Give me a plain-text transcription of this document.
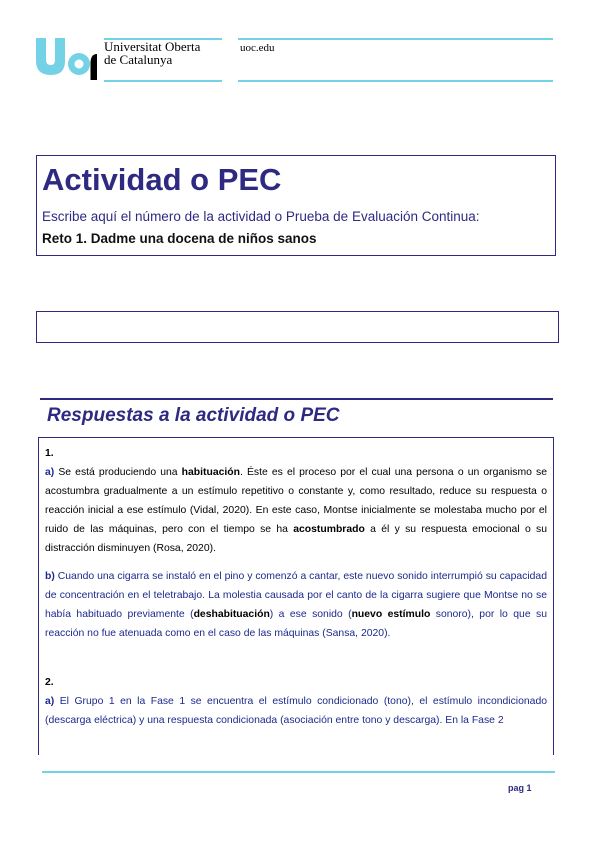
Universitat Oberta
de Catalunya
uoc.edu
Actividad o PEC
Escribe aquí el número de la actividad o Prueba de Evaluación Continua:
Reto 1. Dadme una docena de niños sanos
Respuestas a la actividad o PEC

1.

a) Se está produciendo una habituación. Éste es el proceso por el cual una persona o un organismo se acostumbra gradualmente a un estímulo repetitivo o constante y, como resultado, reduce su respuesta o reacción inicial a ese estímulo (Vidal, 2020). En este caso, Montse inicialmente se molestaba mucho por el ruido de las máquinas, pero con el tiempo se ha acostumbrado a él y su respuesta emocional o su distracción disminuyen (Rosa, 2020).

b) Cuando una cigarra se instaló en el pino y comenzó a cantar, este nuevo sonido interrumpió su capacidad de concentración en el teletrabajo. La molestia causada por el canto de la cigarra sugiere que Montse no se había habituado previamente (deshabituación) a ese sonido (nuevo estímulo sonoro), por lo que su reacción no fue atenuada como en el caso de las máquinas (Sansa, 2020).

2.

a) El Grupo 1 en la Fase 1 se encuentra el estímulo condicionado (tono), el estímulo incondicionado (descarga eléctrica) y una respuesta condicionada (asociación entre tono y descarga). En la Fase 2

pag 1
